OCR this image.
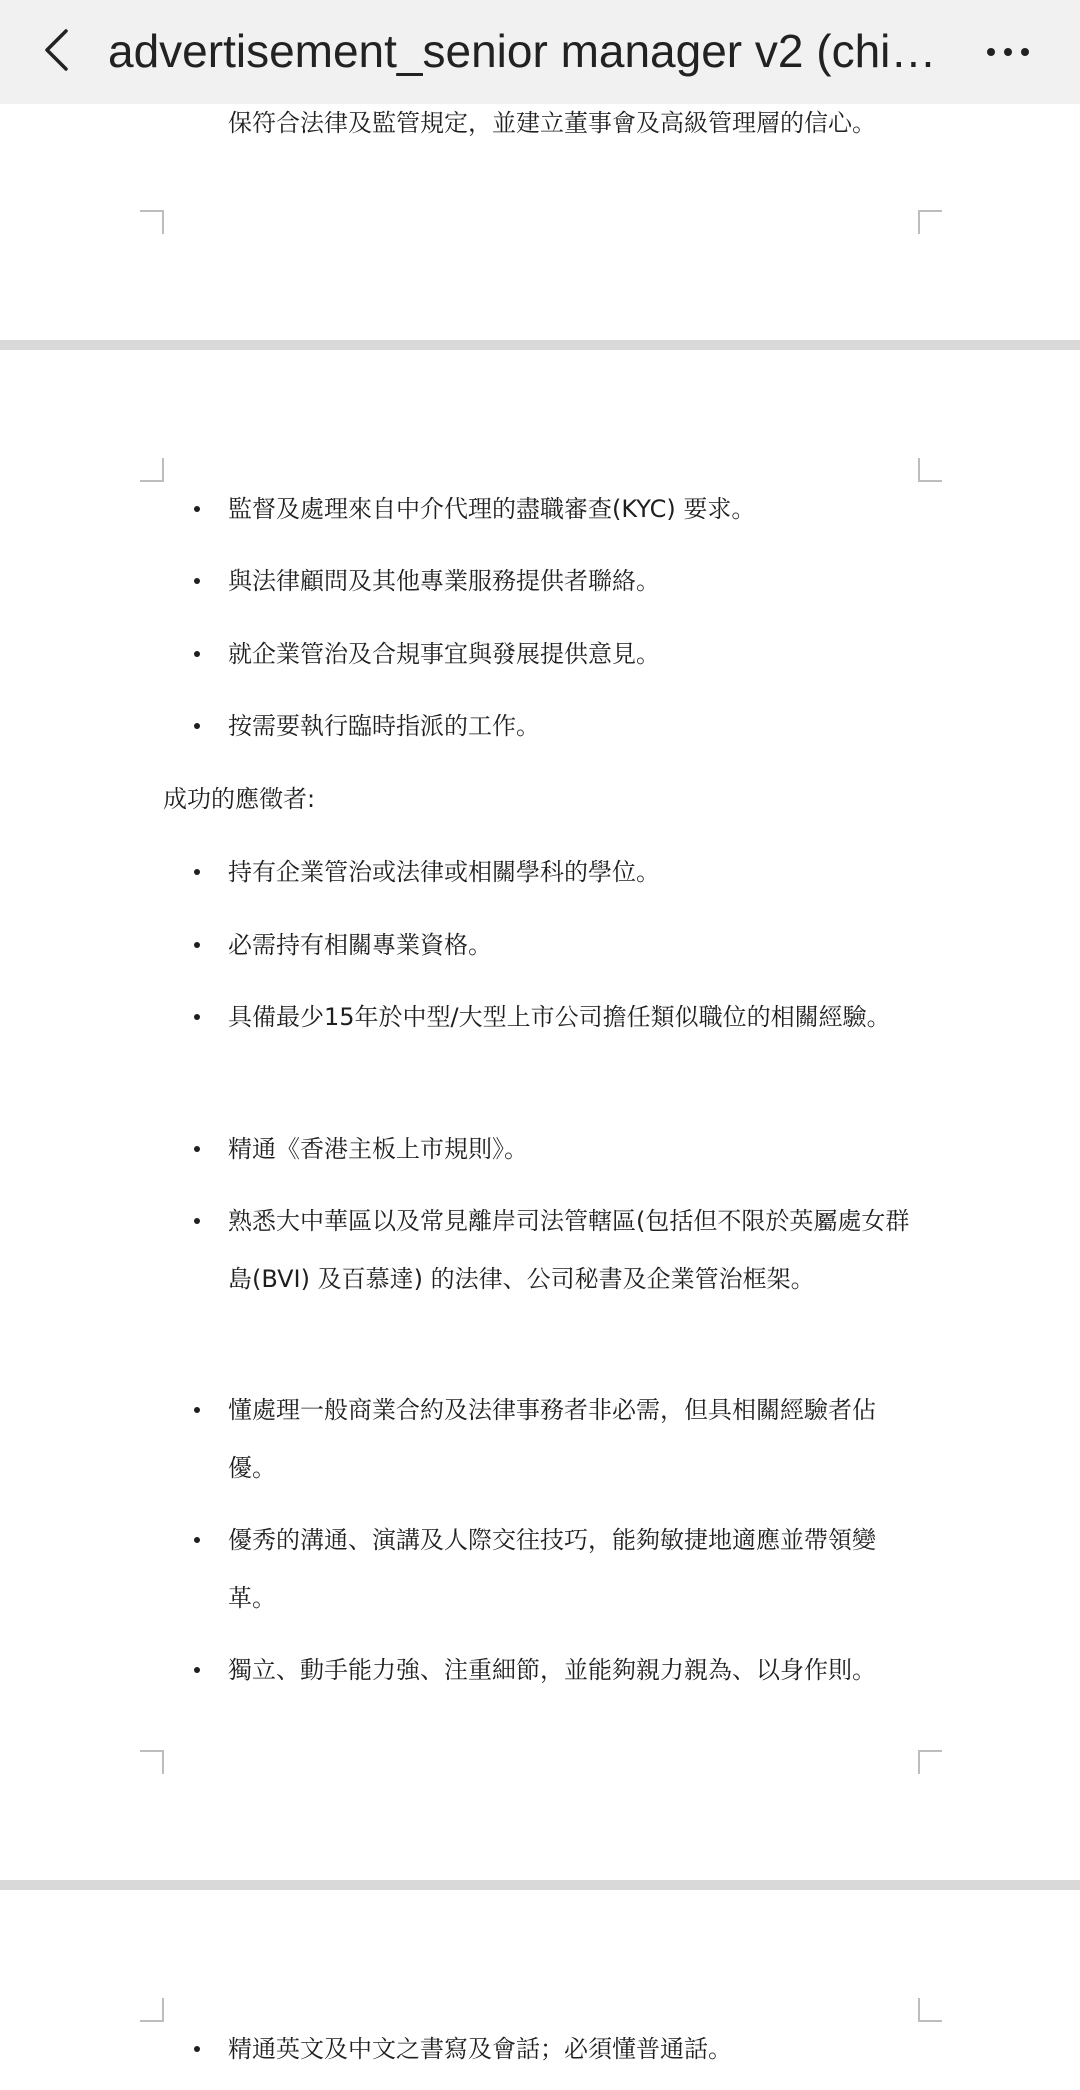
advertisement_senior manager v2 (chi…
保符合法律及監管規定，並建立董事會及高級管理層的信心。
監督及處理來自中介代理的盡職審查(KYC) 要求。
與法律顧問及其他專業服務提供者聯絡。
就企業管治及合規事宜與發展提供意見。
按需要執行臨時指派的工作。
成功的應徵者:
持有企業管治或法律或相關學科的學位。
必需持有相關專業資格。
具備最少15年於中型/大型上市公司擔任類似職位的相關經驗。
精通《香港主板上市規則》。
熟悉大中華區以及常見離岸司法管轄區(包括但不限於英屬處女群島(BVI) 及百慕達) 的法律、公司秘書及企業管治框架。
懂處理一般商業合約及法律事務者非必需，但具相關經驗者佔優。
優秀的溝通、演講及人際交往技巧，能夠敏捷地適應並帶領變革。
獨立、動手能力強、注重細節，並能夠親力親為、以身作則。
精通英文及中文之書寫及會話；必須懂普通話。
